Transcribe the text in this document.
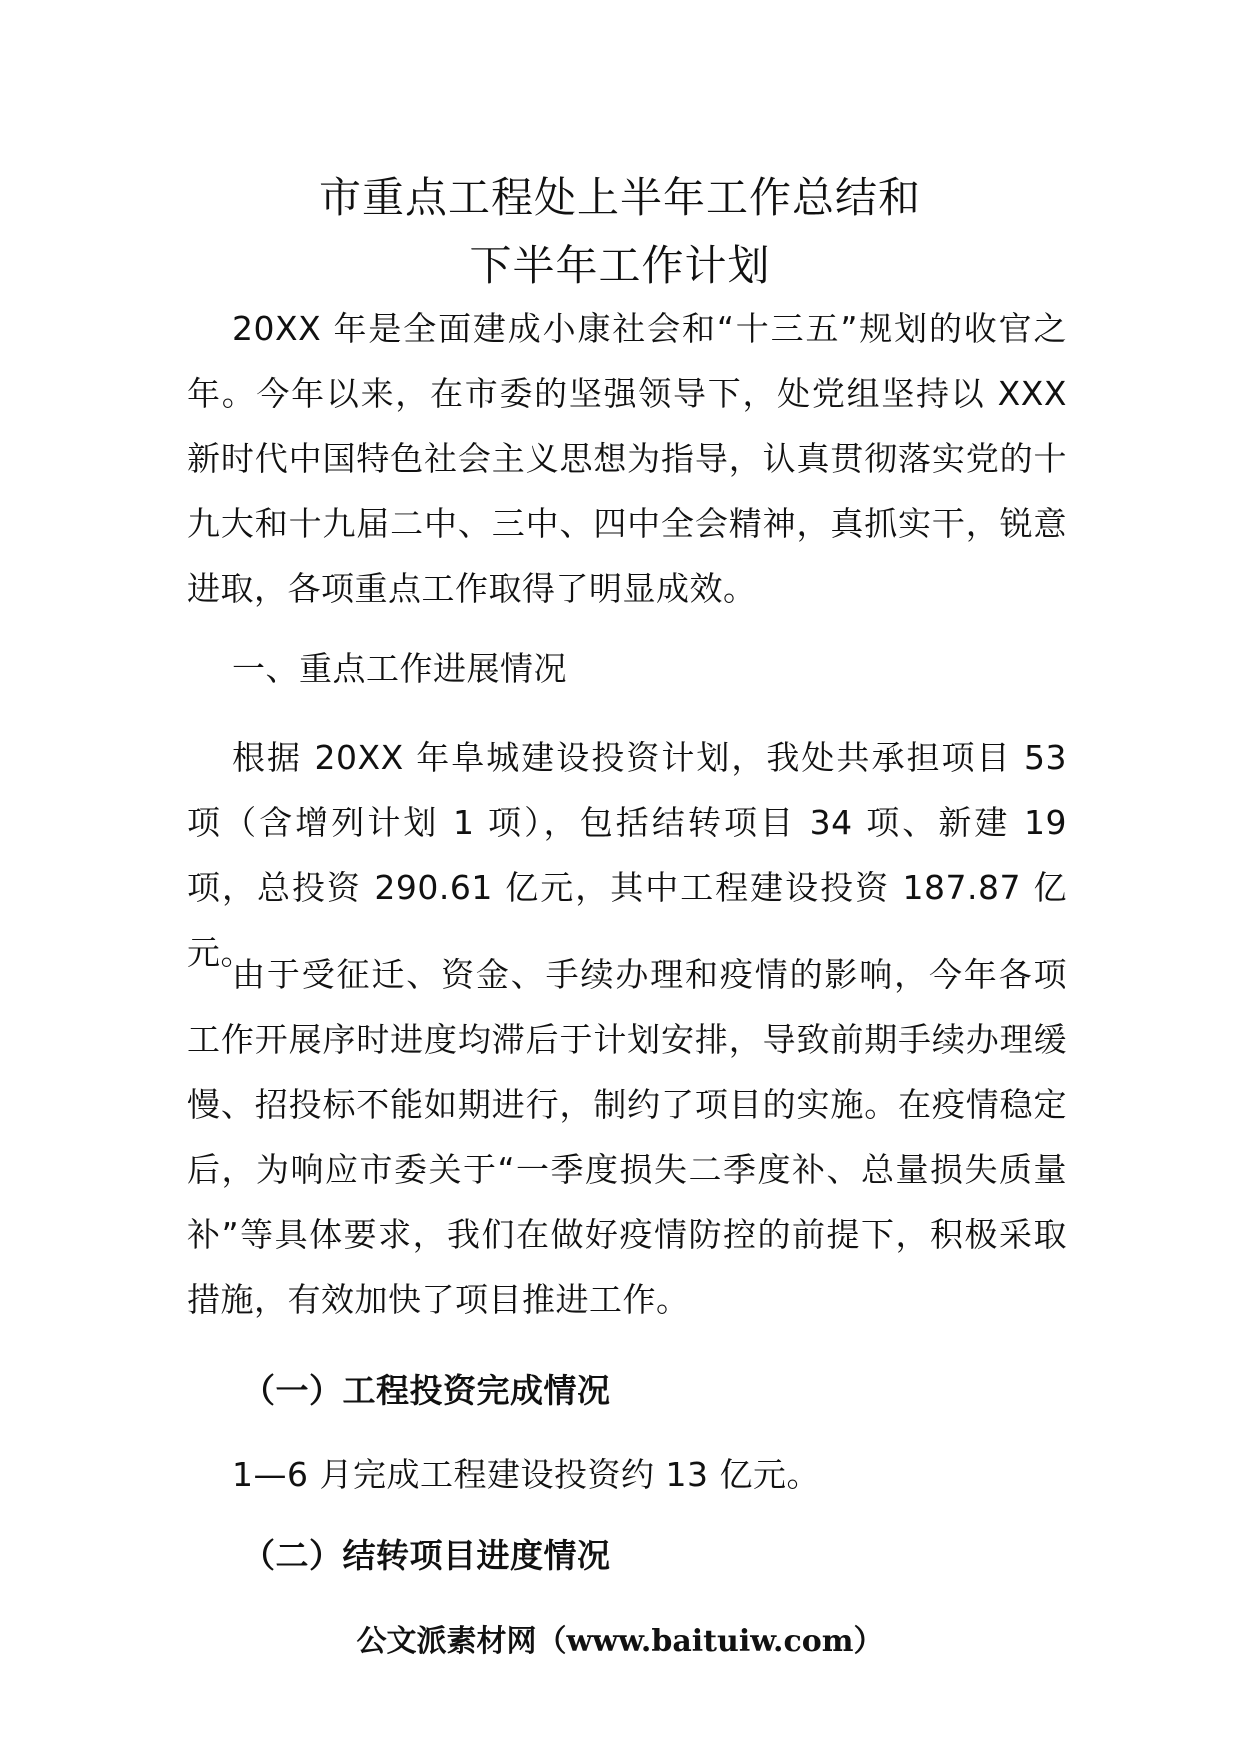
市重点工程处上半年工作总结和
下半年工作计划

20XX 年是全面建成小康社会和“十三五”规划的收官之年。今年以来，在市委的坚强领导下，处党组坚持以 XXX 新时代中国特色社会主义思想为指导，认真贯彻落实党的十九大和十九届二中、三中、四中全会精神，真抓实干，锐意进取，各项重点工作取得了明显成效。

一、重点工作进展情况

根据 20XX 年阜城建设投资计划，我处共承担项目 53 项（含增列计划 1 项），包括结转项目 34 项、新建 19 项，总投资 290.61 亿元，其中工程建设投资 187.87 亿元。

由于受征迁、资金、手续办理和疫情的影响，今年各项工作开展序时进度均滞后于计划安排，导致前期手续办理缓慢、招投标不能如期进行，制约了项目的实施。在疫情稳定后，为响应市委关于“一季度损失二季度补、总量损失质量补”等具体要求，我们在做好疫情防控的前提下，积极采取措施，有效加快了项目推进工作。

（一）工程投资完成情况

1—6 月完成工程建设投资约 13 亿元。

（二）结转项目进度情况

公文派素材网（www.baituiw.com）
